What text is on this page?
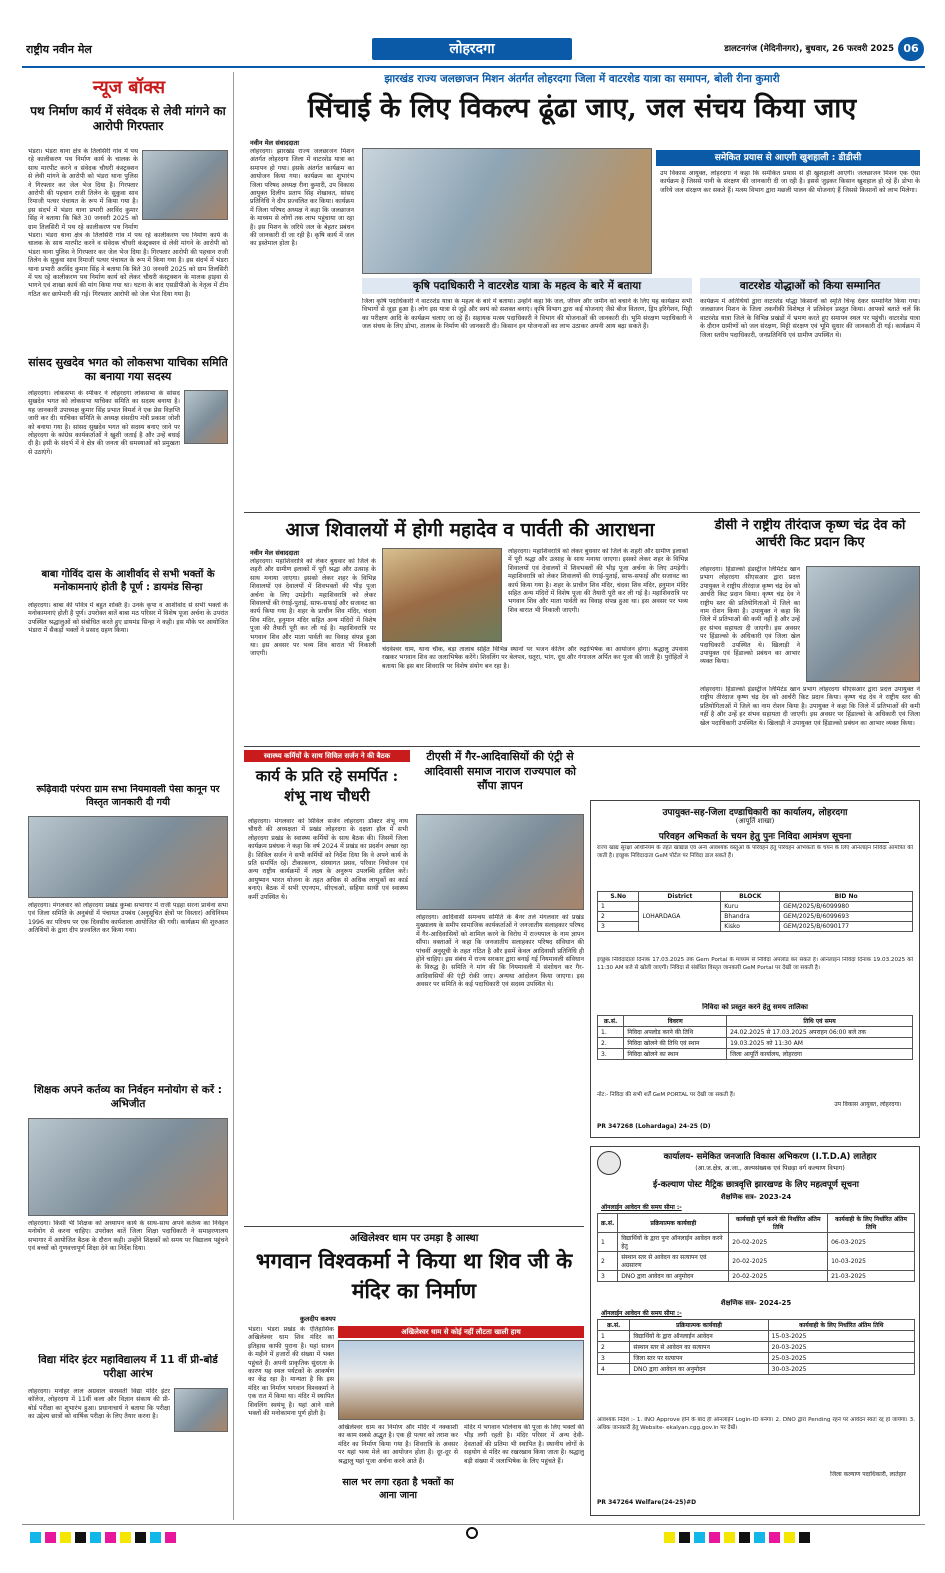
राष्ट्रीय नवीन मेल	लोहरदगा	डालटनगंज (मेदिनीनगर), बुधवार, 26 फरवरी 2025 06
न्यूज बॉक्स
पथ निर्माण कार्य में संवेदक से लेवी मांगने का आरोपी गिरफ्तार
भंडरा। भंडरा थाना क्षेत्र के तिलसिरी गांव में पथ रहे कालीकरण पथ निर्माण कार्य के चालक के साथ मारपीट करने व संवेदक चौधरी कंस्ट्रक्शन से लेवी मांगने के आरोपी को भंडरा थाना पुलिस ने गिरफ्तार कर जेल भेज दिया है। गिरफ्तार आरोपी की पहचान राजी तिलेन के सुकुवा साव रिमाजी पत्थर पंचायत के रूप में किया गया है। इस संदर्भ में भंडरा थाना प्रभारी अरविंद कुमार सिंह ने बताया कि बिते 30 जनवरी 2025 को ग्राम तिलसिरी में पथ रहे कालीकरण पथ निर्माण
भंडरा। भंडरा थाना क्षेत्र के तिलसिरी गांव में पथ रहे कालीकरण पथ निर्माण कार्य के चालक के साथ मारपीट करने व संवेदक चौधरी कंस्ट्रक्शन से लेवी मांगने के आरोपी को भंडरा थाना पुलिस ने गिरफ्तार कर जेल भेज दिया है। गिरफ्तार आरोपी की पहचान राजी तिलेन के सुकुवा साव रिमाजी पत्थर पंचायत के रूप में किया गया है। इस संदर्भ में भंडरा थाना प्रभारी अरविंद कुमार सिंह ने बताया कि बिते 30 जनवरी 2025 को ग्राम तिलसिरी में पथ रहे कालीकरण पथ निर्माण कार्य को लेकर चौधरी कंस्ट्रक्शन के मालक हाइवा से भागने एवं शाखा कार्य की मांग किया गया था। घटना के बाद एसडीपीओ के नेतृत्व में टीम गठित कर छापेमारी की गई। गिरफ्तार आरोपी को जेल भेज दिया गया है।
सांसद सुखदेव भगत को लोकसभा याचिका समिति का बनाया गया सदस्य
लोहरदगा। लोकसभा के स्पीकर ने लोहरदगा लोकसभा के सांसद सुखदेव भगत को लोकसभा याचिका समिति का सदस्य बनाया है। यह जानकारी उपाध्यक्ष कुमार सिंह प्रभात विमर्श ने एक प्रेस विज्ञप्ति जारी कर दी। याचिका समिति के अध्यक्ष संसदीय मंत्री प्रकाश जोशी को बनाया गया है। सांसद सुखदेव भगत को सदस्य बनाए जाने पर लोहरदगा के कांग्रेस कार्यकर्ताओं ने खुशी जताई है और उन्हें बधाई दी है। इसी के संदर्भ में वे क्षेत्र की जनता की समस्याओं को प्रमुखता से उठाएंगे।
बाबा गोविंद दास के आशीर्वाद से सभी भक्तों के मनोकामनाएं होती है पूर्ण : डायमंड सिन्हा
लोहरदगा। बाबा की पवित्र में बहुत शक्ति है। उनके कृपा व आशीर्वाद से सभी भक्तों के मनोकामनाएं होती है पूर्ण। उपरोक्त बातें बाबा मठ परिसर में विशेष पूजा अर्चना के उपरांत उपस्थित श्रद्धालुओं को संबोधित करते हुए डायमंड सिन्हा ने कही। इस मौके पर आयोजित भंडारा में सैकड़ों भक्तों ने प्रसाद ग्रहण किया।
रूढ़िवादी परंपरा ग्राम सभा नियमावली पेसा कानून पर विस्तृत जानकारी दी गयी
लोहरदगा। मंगलवार को लोहरदगा प्रखंड कुम्बा सभागार में राजी पड़हा सरना प्रार्थना सभा एवं जिला समिति के अनुबंधों में पंचायत उपबंध (अनुसूचित क्षेत्रों पर विस्तार) अधिनियम 1996 का परिचय पर एक दिवसीय कार्यशाला आयोजित की गयी। कार्यक्रम की शुरुआत अतिथियों के द्वारा दीप प्रज्वलित कर किया गया।
शिक्षक अपने कर्तव्य का निर्वहन मनोयोग से करें : अभिजीत
लोहरदगा। किसी भी शिक्षक को अध्यापन कार्य के साथ-साथ अपने कर्तव्य का निर्वहन मनोयोग से करना चाहिए। उपरोक्त बातें जिला शिक्षा पदाधिकारी ने समाहरणालय सभागार में आयोजित बैठक के दौरान कही। उन्होंने शिक्षकों को समय पर विद्यालय पहुंचने एवं बच्चों को गुणवत्तापूर्ण शिक्षा देने का निर्देश दिया।
विद्या मंदिर इंटर महाविद्यालय में 11 वीं प्री-बोर्ड परीक्षा आरंभ
लोहरदगा। मनोहर लाल अग्रवाल सरस्वती विद्या मंदिर इंटर कॉलेज, लोहरदगा में 11वीं कला और विज्ञान संकाय की प्री-बोर्ड परीक्षा का शुभारंभ हुआ। प्रधानाचार्य ने बताया कि परीक्षा का उद्देश्य छात्रों को वार्षिक परीक्षा के लिए तैयार करना है।
झारखंड राज्य जलछाजन मिशन अंतर्गत लोहरदगा जिला में वाटरशेड यात्रा का समापन, बोली रीना कुमारी
सिंचाई के लिए विकल्प ढूंढा जाए, जल संचय किया जाए
नवीन मेल संवाददाता
लोहरदगा। झारखंड राज्य जलछाजन मिशन अंतर्गत लोहरदगा जिला में वाटरशेड यात्रा का समापन हो गया। इसके अंतर्गत कार्यक्रम का आयोजन किया गया। कार्यक्रम का शुभारंभ जिला परिषद अध्यक्ष रीना कुमारी, उप विकास आयुक्त दिलीप प्रताप सिंह शेखावत, सांसद प्रतिनिधि ने दीप प्रज्वलित कर किया। कार्यक्रम में जिला परिषद अध्यक्ष ने कहा कि जलछाजन के माध्यम से लोगों तक लाभ पहुंचाया जा रहा है। इस मिशन के जरिये जल के बेहतर प्रबंधन की जानकारी दी जा रही है। कृषि कार्य में जल का इस्तेमाल होता है।
समेकित प्रयास से आएगी खुशहाली : डीडीसी
उप विकास आयुक्त, लोहरदगा ने कहा कि समेकित प्रयास से ही खुशहाली आएगी। जलछाजन मिशन एक ऐसा कार्यक्रम है जिससे पानी के संरक्षण की जानकारी दी जा रही है। इससे जुड़कर किसान खुशहाल हो रहे हैं। डोभा के जरिये जल संरक्षण कर सकते हैं। मत्स्य विभाग द्वारा मछली पालन की योजनाएं हैं जिससे किसानों को लाभ मिलेगा।
कृषि पदाधिकारी ने वाटरशेड यात्रा के महत्व के बारे में बताया
जिला कृषि पदाधिकारी ने वाटरशेड यात्रा के महत्व के बारे में बताया। उन्होंने कहा कि जल, जीवन और जमीन को बचाने के लिए यह कार्यक्रम सभी विभागों से जुड़ा हुआ है। लोग इस यात्रा से जुड़ें और स्वयं को सशक्त बनाएं। कृषि विभाग द्वारा कई योजनाएं जैसे बीज वितरण, ड्रिप इरिगेशन, मिट्टी का परीक्षण आदि के कार्यक्रम चलाए जा रहे हैं। सहायक मत्स्य पदाधिकारी ने विभाग की योजनाओं की जानकारी दी। भूमि संरक्षण पदाधिकारी ने जल संचय के लिए डोभा, तालाब के निर्माण की जानकारी दी। किसान इन योजनाओं का लाभ उठाकर अपनी आय बढ़ा सकते हैं।
वाटरशेड योद्धाओं को किया सम्मानित
कार्यक्रम में अतिथियों द्वारा वाटरशेड योद्धा किसानों को स्मृति चिन्ह देकर सम्मानित किया गया। जलछाजन मिशन के जिला तकनीकी विशेषज्ञ ने प्रतिवेदन प्रस्तुत किया। आपको बताते चलें कि वाटरशेड यात्रा जिले के विभिन्न प्रखंडों में भ्रमण करते हुए समापन स्थल पर पहुंची। वाटरशेड यात्रा के दौरान ग्रामीणों को जल संरक्षण, मिट्टी संरक्षण एवं भूमि सुधार की जानकारी दी गई। कार्यक्रम में जिला स्तरीय पदाधिकारी, जनप्रतिनिधि एवं ग्रामीण उपस्थित थे।
आज शिवालयों में होगी महादेव व पार्वती की आराधना
नवीन मेल संवाददाता
लोहरदगा। महाशिवरात्रि को लेकर बुधवार को जिले के शहरी और ग्रामीण इलाकों में पूरी श्रद्धा और उत्साह के साथ मनाया जाएगा। इसको लेकर शहर के विभिन्न शिवालयों एवं देवालयों में शिवभक्तों की भीड़ पूजा अर्चना के लिए उमड़ेगी। महाशिवरात्रि को लेकर शिवालयों की रंगाई-पुताई, साफ-सफाई और सजावट का कार्य किया गया है। शहर के प्राचीन शिव मंदिर, चंदवा शिव मंदिर, हनुमान मंदिर सहित अन्य मंदिरों में विशेष पूजा की तैयारी पूरी कर ली गई है। महाशिवरात्रि पर भगवान शिव और माता पार्वती का विवाह संपन्न हुआ था। इस अवसर पर भव्य शिव बारात भी निकाली जाएगी।
चंदवेश्वर धाम, थाना चौक, बड़ा तालाब सहित विभिन्न स्थानों पर भजन कीर्तन और रुद्राभिषेक का आयोजन होगा। श्रद्धालु उपवास रखकर भगवान शिव का जलाभिषेक करेंगे। शिवलिंग पर बेलपत्र, धतूरा, भांग, दूध और गंगाजल अर्पित कर पूजा की जाती है। पुरोहितों ने बताया कि इस बार शिवरात्रि पर विशेष संयोग बन रहा है।
लोहरदगा। महाशिवरात्रि को लेकर बुधवार को जिले के शहरी और ग्रामीण इलाकों में पूरी श्रद्धा और उत्साह के साथ मनाया जाएगा। इसको लेकर शहर के विभिन्न शिवालयों एवं देवालयों में शिवभक्तों की भीड़ पूजा अर्चना के लिए उमड़ेगी। महाशिवरात्रि को लेकर शिवालयों की रंगाई-पुताई, साफ-सफाई और सजावट का कार्य किया गया है। शहर के प्राचीन शिव मंदिर, चंदवा शिव मंदिर, हनुमान मंदिर सहित अन्य मंदिरों में विशेष पूजा की तैयारी पूरी कर ली गई है। महाशिवरात्रि पर भगवान शिव और माता पार्वती का विवाह संपन्न हुआ था। इस अवसर पर भव्य शिव बारात भी निकाली जाएगी।
डीसी ने राष्ट्रीय तीरंदाज कृष्ण चंद्र देव को आर्चरी किट प्रदान किए
लोहरदगा। हिंडाल्को इंडस्ट्रीज लिमिटेड खान प्रभाग लोहरदगा सीएसआर द्वारा प्रदत्त उपायुक्त ने राष्ट्रीय तीरंदाज कृष्ण चंद्र देव को आर्चरी किट प्रदान किया। कृष्ण चंद्र देव ने राष्ट्रीय स्तर की प्रतियोगिताओं में जिले का नाम रोशन किया है। उपायुक्त ने कहा कि जिले में प्रतिभाओं की कमी नहीं है और उन्हें हर संभव सहायता दी जाएगी। इस अवसर पर हिंडाल्को के अधिकारी एवं जिला खेल पदाधिकारी उपस्थित थे। खिलाड़ी ने उपायुक्त एवं हिंडाल्को प्रबंधन का आभार व्यक्त किया।
लोहरदगा। हिंडाल्को इंडस्ट्रीज लिमिटेड खान प्रभाग लोहरदगा सीएसआर द्वारा प्रदत्त उपायुक्त ने राष्ट्रीय तीरंदाज कृष्ण चंद्र देव को आर्चरी किट प्रदान किया। कृष्ण चंद्र देव ने राष्ट्रीय स्तर की प्रतियोगिताओं में जिले का नाम रोशन किया है। उपायुक्त ने कहा कि जिले में प्रतिभाओं की कमी नहीं है और उन्हें हर संभव सहायता दी जाएगी। इस अवसर पर हिंडाल्को के अधिकारी एवं जिला खेल पदाधिकारी उपस्थित थे। खिलाड़ी ने उपायुक्त एवं हिंडाल्को प्रबंधन का आभार व्यक्त किया।
स्वास्थ्य कर्मियों के साथ सिविल सर्जन ने की बैठक
कार्य के प्रति रहे समर्पित : शंभू नाथ चौधरी
लोहरदगा। मंगलवार को सिविल सर्जन लोहरदगा डॉक्टर शंभू नाथ चौधरी की अध्यक्षता में प्रखंड लोहरदगा के दक्षता हॉल में सभी लोहरदगा प्रखंड के स्वास्थ्य कर्मियों के साथ बैठक की। जिसमें जिला कार्यक्रम प्रबंधक ने कहा कि वर्ष 2024 में प्रखंड का प्रदर्शन अच्छा रहा है। सिविल सर्जन ने सभी कर्मियों को निर्देश दिया कि वे अपने कार्य के प्रति समर्पित रहें। टीकाकरण, संस्थागत प्रसव, परिवार नियोजन एवं अन्य राष्ट्रीय कार्यक्रमों में लक्ष्य के अनुरूप उपलब्धि हासिल करें। आयुष्मान भारत योजना के तहत अधिक से अधिक लाभुकों का कार्ड बनाएं। बैठक में सभी एएनएम, सीएचओ, सहिया साथी एवं स्वास्थ्य कर्मी उपस्थित थे।
टीएसी में गैर-आदिवासियों की एंट्री से आदिवासी समाज नाराज राज्यपाल को सौंपा ज्ञापन
लोहरदगा। आदिवासी समन्वय समिति के बैनर तले मंगलवार को प्रखंड मुख्यालय के समीप सामाजिक कार्यकर्ताओं ने जनजातीय सलाहकार परिषद में गैर-आदिवासियों को शामिल करने के विरोध में राज्यपाल के नाम ज्ञापन सौंपा। वक्ताओं ने कहा कि जनजातीय सलाहकार परिषद संविधान की पांचवीं अनुसूची के तहत गठित है और इसमें केवल आदिवासी प्रतिनिधि ही होने चाहिए। इस संबंध में राज्य सरकार द्वारा बनाई गई नियमावली संविधान के विरुद्ध है। समिति ने मांग की कि नियमावली में संशोधन कर गैर-आदिवासियों की एंट्री रोकी जाए। अन्यथा आंदोलन किया जाएगा। इस अवसर पर समिति के कई पदाधिकारी एवं सदस्य उपस्थित थे।
उपायुक्त-सह-जिला दण्डाधिकारी का कार्यालय, लोहरदगा
(आपूर्ति शाखा)
परिवहन अभिकर्ता के चयन हेतु पुनः निविदा आमंत्रण सूचना
राज्य खाद्य सुरक्षा अधिनियम के तहत खाद्यान्न एवं अन्य आवश्यक वस्तुओं के परिवहन हेतु परिवहन अभिकर्ता के चयन के लिए ऑनलाइन निविदा आमंत्रित की जाती है। इच्छुक निविदादाता GeM पोर्टल पर निविदा डाल सकते हैं।
S.No	District	BLOCK	BID No
1	LOHARDAGA	Kuru	GEM/2025/B/6099980
2		Bhandra	GEM/2025/B/6099693
3		Kisko	GEM/2025/B/6090177
इच्छुक निविदादाता दिनांक 17.03.2025 तक Gem Portal के माध्यम से निविदा अपलोड कर सकते हैं। ऑनलाइन निविदा दिनांक 19.03.2025 को 11:30 AM बजे से खोली जाएगी। निविदा से संबंधित विस्तृत जानकारी GeM Portal पर देखी जा सकती है।
निविदा को प्रस्तुत करने हेतु समय तालिका
क्र.सं.	विवरण	तिथि एवं समय
1.	निविदा अपलोड करने की तिथि	24.02.2025 से 17.03.2025 अपराहन 06:00 बजे तक
2.	निविदा खोलने की तिथि एवं स्थान	19.03.2025 को 11:30 AM
3.	निविदा खोलने का स्थान	जिला आपूर्ति कार्यालय, लोहरदगा
नोट:- निविदा की सभी शर्तें GeM PORTAL पर देखी जा सकती हैं।
उप विकास आयुक्त, लोहरदगा।
PR 347268 (Lohardaga) 24-25 (D)
कार्यालय- समेकित जनजाति विकास अभिकरण (I.T.D.A) लातेहार
(आ.ज.क्षेत्र, अ.जा., अल्पसंख्यक एवं पिछड़ा वर्ग कल्याण विभाग)
ई-कल्याण पोस्ट मैट्रिक छात्रवृत्ति झारखण्ड के लिए महत्वपूर्ण सूचना
शैक्षणिक सत्र- 2023-24
ऑनलाईन आवेदन की समय सीमा :-
क्र.सं.	प्रक्रियात्मक कार्यवाही	कार्यवाही पूर्ण करने की निर्धारित अंतिम तिथि	कार्यवाही के लिए निर्धारित अंतिम तिथि
1	विद्यार्थियों के द्वारा पुनः ऑनलाईन आवेदन करने हेतु	20-02-2025	06-03-2025
2	संस्थान स्तर से आवेदन का सत्यापन एवं अग्रसारण	20-02-2025	10-03-2025
3	DNO द्वारा आवेदन का अनुमोदन	20-02-2025	21-03-2025
शैक्षणिक सत्र- 2024-25
ऑनलाईन आवेदन की समय सीमा :-
क्र.सं.	प्रक्रियात्मक कार्यवाही	कार्यवाही के लिए निर्धारित अंतिम तिथि
1	विद्यार्थियों के द्वारा ऑनलाईन आवेदन	15-03-2025
2	संस्थान स्तर से आवेदन का सत्यापन	20-03-2025
3	जिला स्तर पर सत्यापन	25-03-2025
4	DNO द्वारा आवेदन का अनुमोदन	30-03-2025
आवश्यक निर्देश :- 1. INO Approve होने के बाद ही ऑनलाईन Login-ID बनेगा। 2. DNO द्वारा Pending रहने पर आवेदन स्वतः रद्द हो जायेगा। 3. अधिक जानकारी हेतु Website- ekalyan.cgg.gov.in पर देखें।
जिला कल्याण पदाधिकारी, लातेहार
PR 347264 Welfare(24-25)#D
अखिलेश्वर धाम पर उमड़ा है आस्था
भगवान विश्वकर्मा ने किया था शिव जी के मंदिर का निर्माण
कुलदीप कश्यप
भंडरा। भंडरा प्रखंड के ऐतिहासिक अखिलेश्वर धाम शिव मंदिर का इतिहास काफी पुराना है। यहां सावन के महीने में हजारों की संख्या में भक्त पहुंचते हैं। अपनी प्राकृतिक सुंदरता के कारण यह स्थल पर्यटकों के आकर्षण का केंद्र रहा है। मान्यता है कि इस मंदिर का निर्माण भगवान विश्वकर्मा ने एक रात में किया था। मंदिर में स्थापित शिवलिंग स्वयंभू है। यहां आने वाले भक्तों की मनोकामना पूर्ण होती है।
अखिलेश्वर धाम से कोई नहीं लौटता खाली हाथ
अखिलेश्वर धाम का निर्माण और मंदिर में नक्काशी का काम सबसे अद्भुत है। एक ही पत्थर को तराश कर मंदिर का निर्माण किया गया है। शिवरात्रि के अवसर पर यहां भव्य मेले का आयोजन होता है। दूर-दूर से श्रद्धालु यहां पूजा अर्चना करने आते हैं।
साल भर लगा रहता है भक्तों का आना जाना
मंदिर में भगवान भोलेनाथ की पूजा के लिए भक्तों की भीड़ लगी रहती है। मंदिर परिसर में अन्य देवी-देवताओं की प्रतिमा भी स्थापित है। स्थानीय लोगों के सहयोग से मंदिर का रखरखाव किया जाता है। श्रद्धालु बड़ी संख्या में जलाभिषेक के लिए पहुंचते हैं।
